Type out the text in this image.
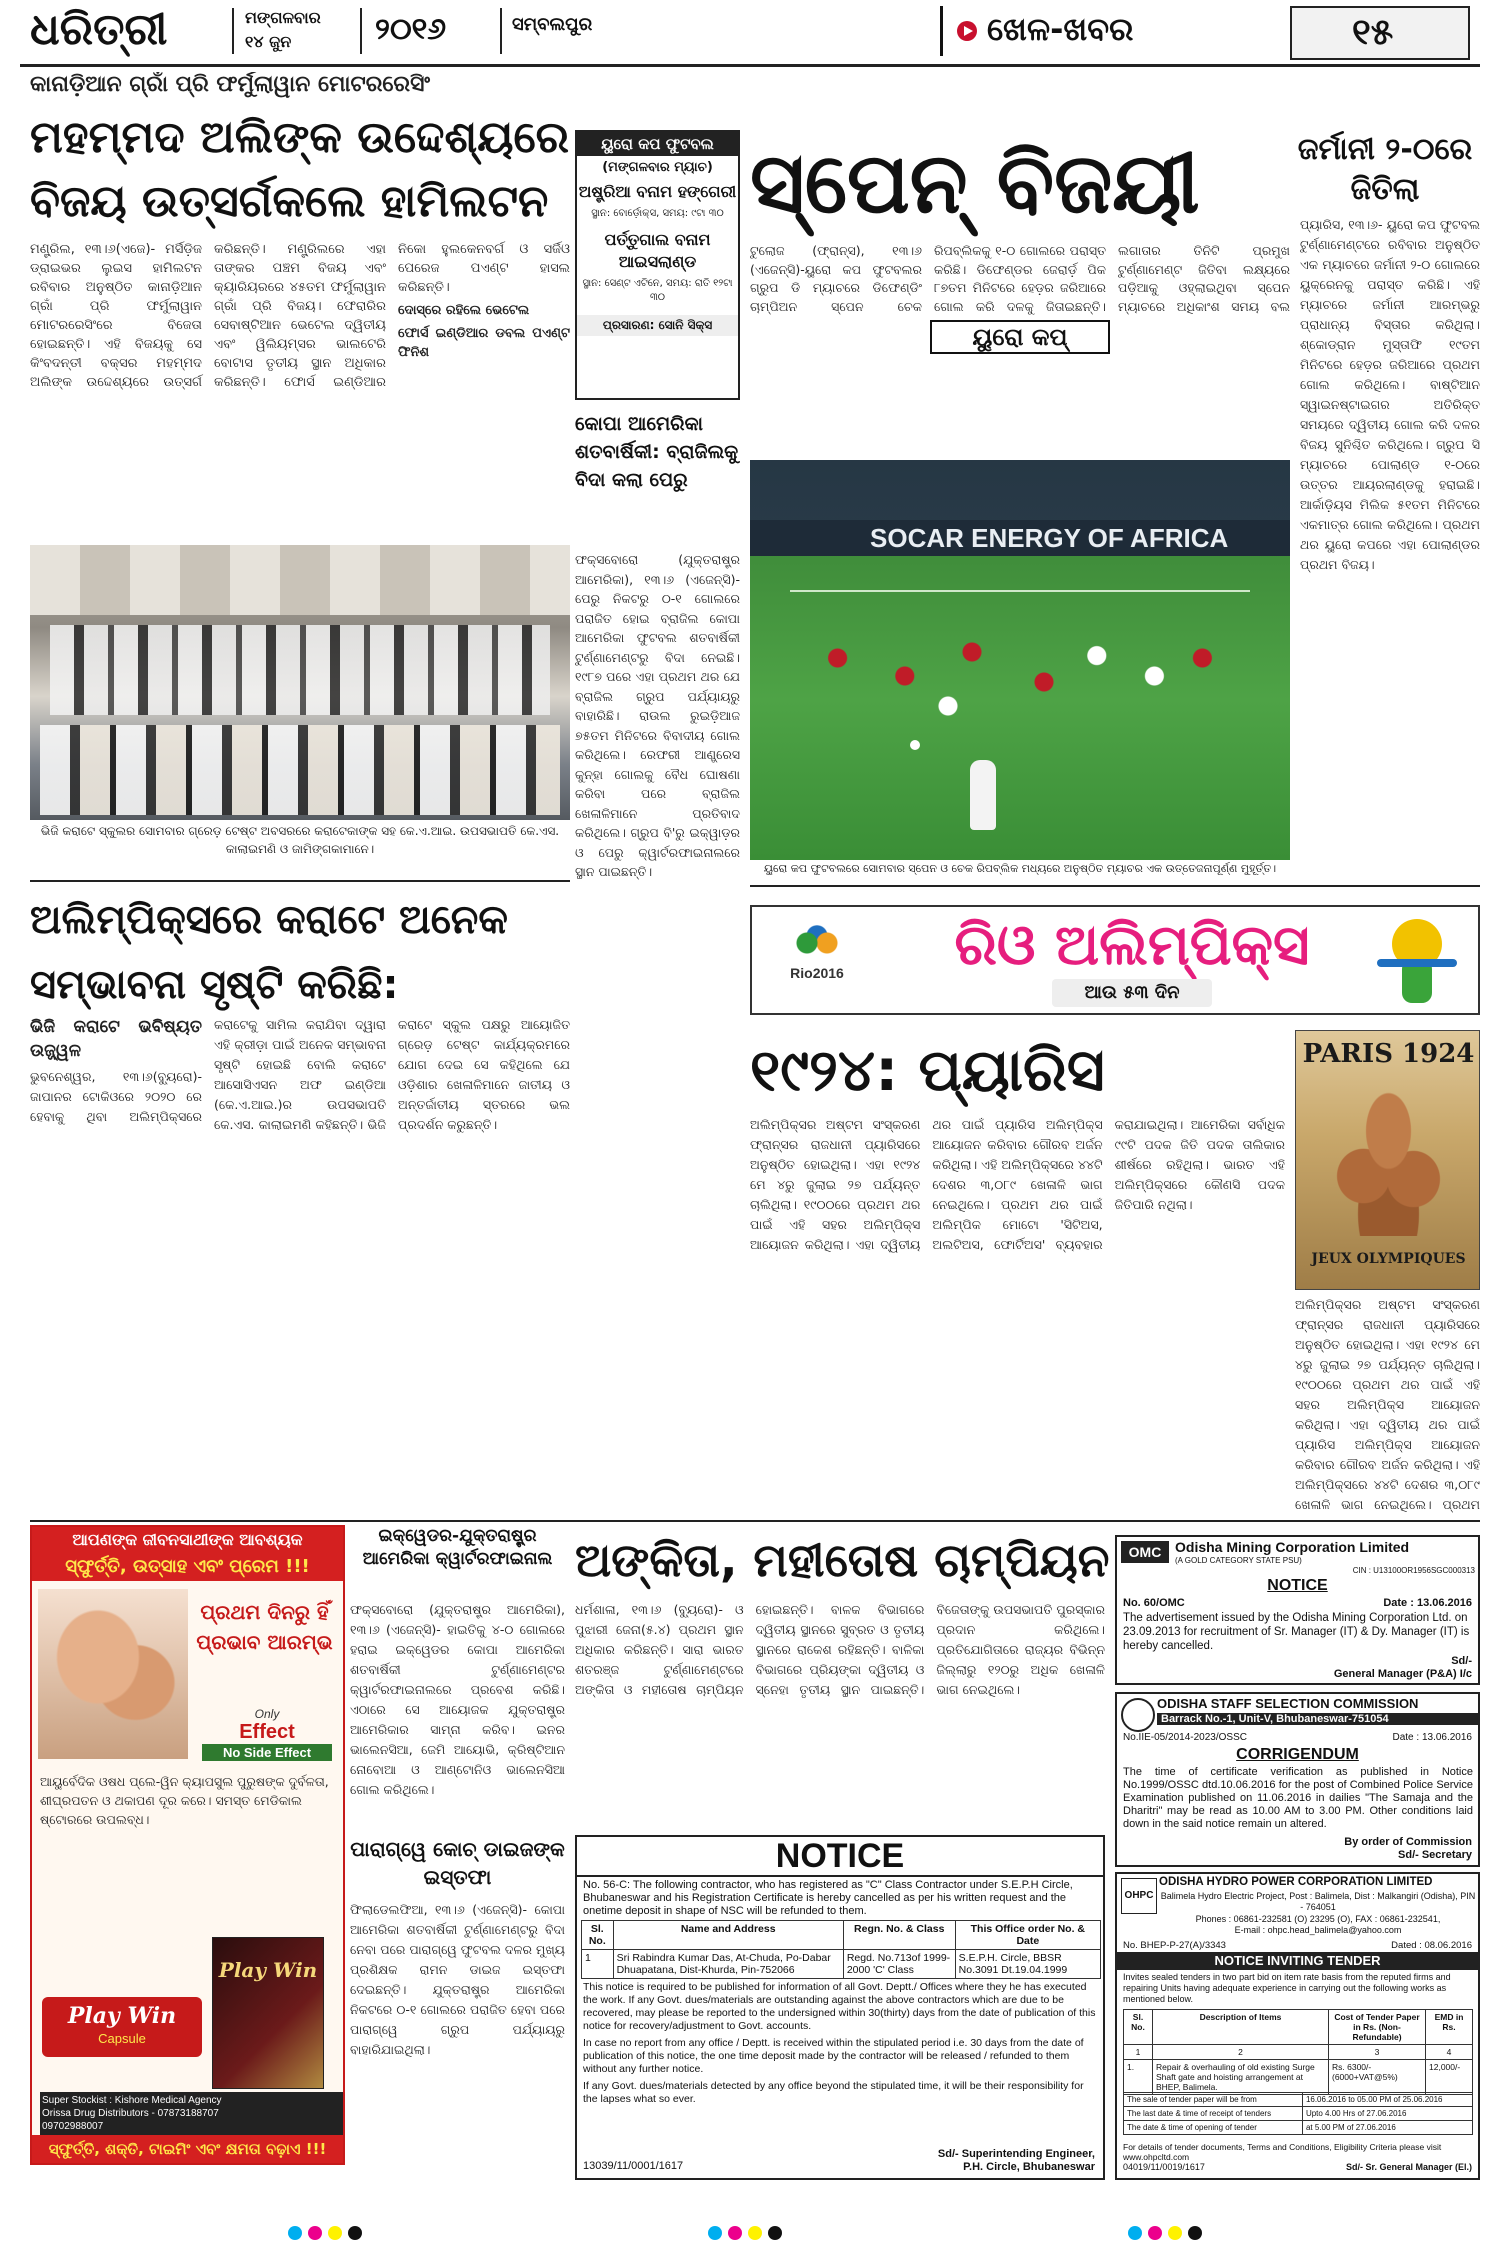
ଧରିତ୍ରୀ	ମଙ୍ଗଳବାର
୧୪ ଜୁନ	୨୦୧୬	ସମ୍ବଲପୁର	ଖେଳ-ଖବର	୧୫
କାନାଡ଼ିଆନ ଗ୍ରାଁ ପ୍ରି ଫର୍ମୁଲାୱାନ ମୋଟରରେସିଂ
ମହମ୍ମଦ ଅଲିଙ୍କ ଉଦ୍ଦେଶ୍ୟରେ
ବିଜୟ ଉତ୍ସର୍ଗକଲେ ହାମିଲଟନ
ମଣ୍ଟ୍ରିଲ, ୧୩।୬(ଏଜେ)- ମର୍ସିଡ଼ିଜ ଡ୍ରାଇଭର ଲୁଇସ ହାମିଲଟନ ରବିବାର ଅନୁଷ୍ଠିତ କାନାଡ଼ିଆନ ଗ୍ରାଁ ପ୍ରି ଫର୍ମୁଲାୱାନ ମୋଟରରେସିଂରେ ବିଜେତା ହୋଇଛନ୍ତି। ଏହି ବିଜୟକୁ ସେ କିଂବଦନ୍ତୀ ବକ୍ସର ମହମ୍ମଦ ଅଲିଙ୍କ ଉଦ୍ଦେଶ୍ୟରେ ଉତ୍ସର୍ଗ କରିଛନ୍ତି। ମଣ୍ଟ୍ରିଲରେ ଏହା ତାଙ୍କର ପଞ୍ଚମ ବିଜୟ ଏବଂ କ୍ୟାରିୟରରେ ୪୫ତମ ଫର୍ମୁଲାୱାନ ଗ୍ରାଁ ପ୍ରି ବିଜୟ। ଫେରାରିର ସେବାଷ୍ଟିଆନ ଭେଟେଲ ଦ୍ୱିତୀୟ ଏବଂ ୱିଲିୟମ୍ସର ଭାଲଟେରି ବୋଟାସ ତୃତୀୟ ସ୍ଥାନ ଅଧିକାର କରିଛନ୍ତି। ଫୋର୍ସ ଇଣ୍ଡିଆର ନିକୋ ହୁଲକେନବର୍ଗ ଓ ସର୍ଜିଓ ପେରେଜ ପଏଣ୍ଟ ହାସଲ କରିଛନ୍ତି।
ଦୋସ୍ରେ ରହିଲେ ଭେଟେଲ
ଫୋର୍ସ ଇଣ୍ଡିଆର ଡବଲ ପଏଣ୍ଟ ଫିନିଶ
ଭିଜି କରାଟେ ସ୍କୁଲର ସୋମବାର ଗ୍ରେଡ଼ ଟେଷ୍ଟ ଅବସରରେ କରାଟେକାଙ୍କ ସହ କେ.ଏ.ଆଇ. ଉପସଭାପତି କେ.ଏସ. କାଲାଇମଣି ଓ ଜାମିଙ୍ଗକାମାନେ।
ୟୁରୋ କପ ଫୁଟବଲ
(ମଙ୍ଗଳବାର ମ୍ୟାଚ)
ଅଷ୍ଟ୍ରିଆ ବନାମ ହଙ୍ଗେରୀ
ସ୍ଥାନ: ବୋର୍ଡ଼ୋକ୍ସ, ସମୟ: ୯ଟା ୩୦
ପର୍ତ୍ତୁଗାଲ ବନାମ ଆଇସଲାଣ୍ଡ
ସ୍ଥାନ: ସେଣ୍ଟ ଏଟିନେ, ସମୟ: ରାତି ୧୨ଟା ୩୦
ପ୍ରସାରଣ: ସୋନି ସିକ୍ସ
କୋପା ଆମେରିକା ଶତବାର୍ଷିକୀ: ବ୍ରାଜିଲକୁ ବିଦା କଲା ପେରୁ
ଫକ୍ସବୋରୋ (ଯୁକ୍ତରାଷ୍ଟ୍ର ଆମେରିକା), ୧୩।୬ (ଏଜେନ୍ସି)-ପେରୁ ନିକଟରୁ ୦-୧ ଗୋଲରେ ପରାଜିତ ହୋଇ ବ୍ରାଜିଲ କୋପା ଆମେରିକା ଫୁଟବଲ ଶତବାର୍ଷିକୀ ଟୁର୍ଣ୍ଣାମେଣ୍ଟରୁ ବିଦା ନେଇଛି। ୧୯୮୭ ପରେ ଏହା ପ୍ରଥମ ଥର ଯେ ବ୍ରାଜିଲ ଗ୍ରୁପ ପର୍ଯ୍ୟାୟରୁ ବାହାରିଛି। ରାଉଲ ରୁଇଡ଼ିଆଜ ୭୫ତମ ମିନିଟରେ ବିବାଦୀୟ ଗୋଲ କରିଥିଲେ। ରେଫରୀ ଆଣ୍ଡ୍ରେସ କୁନ୍ହା ଗୋଲକୁ ବୈଧ ଘୋଷଣା କରିବା ପରେ ବ୍ରାଜିଲ ଖେଳାଳିମାନେ ପ୍ରତିବାଦ କରିଥିଲେ। ଗ୍ରୁପ ବି'ରୁ ଇକ୍ୱାଡ଼ର ଓ ପେରୁ କ୍ୱାର୍ଟରଫାଇନାଲରେ ସ୍ଥାନ ପାଇଛନ୍ତି।
ସ୍ପେନ୍ ବିଜୟୀ
ଟୁଲୋଜ (ଫ୍ରାନ୍ସ), ୧୩।୬ (ଏଜେନ୍ସି)-ୟୁରୋ କପ ଫୁଟବଲର ଗ୍ରୁପ ଡି ମ୍ୟାଚରେ ଡିଫେଣ୍ଡିଂ ଚାମ୍ପିଅନ ସ୍ପେନ ଚେକ ରିପବ୍ଲିକକୁ ୧-୦ ଗୋଲରେ ପରାସ୍ତ କରିଛି। ଡିଫେଣ୍ଡର ଜେରାର୍ଡ଼ ପିକ ୮୭ତମ ମିନିଟରେ ହେଡ଼ର ଜରିଆରେ ଗୋଲ କରି ଦଳକୁ ଜିତାଇଛନ୍ତି। ଲଗାତାର ତିନିଟି ପ୍ରମୁଖ ଟୁର୍ଣ୍ଣାମେଣ୍ଟ ଜିତିବା ଲକ୍ଷ୍ୟରେ ପଡ଼ିଆକୁ ଓହ୍ଲାଇଥିବା ସ୍ପେନ ମ୍ୟାଚରେ ଅଧିକାଂଶ ସମୟ ବଲ
ୟୁରୋ କପ୍
SOCAR ENERGY OF AFRICA
ଜର୍ମାନୀ ୨-୦ରେ
ଜିତିଲା
ପ୍ୟାରିସ, ୧୩।୬- ୟୁରୋ କପ ଫୁଟବଲ ଟୁର୍ଣ୍ଣାମେଣ୍ଟରେ ରବିବାର ଅନୁଷ୍ଠିତ ଏକ ମ୍ୟାଚରେ ଜର୍ମାନୀ ୨-୦ ଗୋଲରେ ୟୁକ୍ରେନକୁ ପରାସ୍ତ କରିଛି। ଏହି ମ୍ୟାଚରେ ଜର୍ମାନୀ ଆରମ୍ଭରୁ ପ୍ରାଧାନ୍ୟ ବିସ୍ତାର କରିଥିଲା। ଶ୍କୋଡ୍ରାନ ମୁସ୍ତାଫି ୧୯ତମ ମିନିଟରେ ହେଡ଼ର ଜରିଆରେ ପ୍ରଥମ ଗୋଲ କରିଥିଲେ। ବାଷ୍ଟିଆନ ସ୍ୱାଇନଷ୍ଟାଇଗର ଅତିରିକ୍ତ ସମୟରେ ଦ୍ୱିତୀୟ ଗୋଲ କରି ଦଳର ବିଜୟ ସୁନିଶ୍ଚିତ କରିଥିଲେ। ଗ୍ରୁପ ସି ମ୍ୟାଚରେ ପୋଲାଣ୍ଡ ୧-୦ରେ ଉତ୍ତର ଆୟରଲାଣ୍ଡକୁ ହରାଇଛି। ଆର୍କାଡ଼ିୟସ ମିଲିକ ୫୧ତମ ମିନିଟରେ ଏକମାତ୍ର ଗୋଲ କରିଥିଲେ। ପ୍ରଥମ ଥର ୟୁରୋ କପରେ ଏହା ପୋଲାଣ୍ଡର ପ୍ରଥମ ବିଜୟ।
ୟୁରୋ କପ ଫୁଟବଲରେ ସୋମବାର ସ୍ପେନ ଓ ଚେକ ରିପବ୍ଲିକ ମଧ୍ୟରେ ଅନୁଷ୍ଠିତ ମ୍ୟାଚର ଏକ ଉତ୍ତେଜନାପୂର୍ଣ୍ଣ ମୁହୂର୍ତ୍ତ।
ଅଲିମ୍ପିକ୍ସରେ କରାଟେ ଅନେକ
ସମ୍ଭାବନା ସୃଷ୍ଟି କରିଛି:
ଭିଜି କରାଟେ ଭବିଷ୍ୟତ ଉଜ୍ଜ୍ୱଳ
ଭୁବନେଶ୍ୱର, ୧୩।୬(ବ୍ୟୁରୋ)- ଜାପାନର ଟୋକିଓରେ ୨୦୨୦ ରେ ହେବାକୁ ଥିବା ଅଲିମ୍ପିକ୍ସରେ କରାଟେକୁ ସାମିଲ କରାଯିବା ଦ୍ୱାରା ଏହି କ୍ରୀଡ଼ା ପାଇଁ ଅନେକ ସମ୍ଭାବନା ସୃଷ୍ଟି ହୋଇଛି ବୋଲି କରାଟେ ଆସୋସିଏସନ ଅଫ ଇଣ୍ଡିଆ (କେ.ଏ.ଆଇ.)ର ଉପସଭାପତି କେ.ଏସ. କାଲାଇମଣି କହିଛନ୍ତି। ଭିଜି କରାଟେ ସ୍କୁଲ ପକ୍ଷରୁ ଆୟୋଜିତ ଗ୍ରେଡ଼ ଟେଷ୍ଟ କାର୍ଯ୍ୟକ୍ରମରେ ଯୋଗ ଦେଇ ସେ କହିଥିଲେ ଯେ ଓଡ଼ିଶାର ଖେଳାଳିମାନେ ଜାତୀୟ ଓ ଅନ୍ତର୍ଜାତୀୟ ସ୍ତରରେ ଭଲ ପ୍ରଦର୍ଶନ କରୁଛନ୍ତି।
Rio2016	ରିଓ ଅଲିମ୍ପିକ୍ସ
ଆଉ ୫୩ ଦିନ
୧୯୨୪: ପ୍ୟାରିସ	PARIS 1924
JEUX OLYMPIQUES
ଅଲିମ୍ପିକ୍ସର ଅଷ୍ଟମ ସଂସ୍କରଣ ଫ୍ରାନ୍ସର ରାଜଧାନୀ ପ୍ୟାରିସରେ ଅନୁଷ୍ଠିତ ହୋଇଥିଲା। ଏହା ୧୯୨୪ ମେ ୪ରୁ ଜୁଲାଇ ୨୭ ପର୍ଯ୍ୟନ୍ତ ଚାଲିଥିଲା। ୧୯୦୦ରେ ପ୍ରଥମ ଥର ପାଇଁ ଏହି ସହର ଅଲିମ୍ପିକ୍ସ ଆୟୋଜନ କରିଥିଲା। ଏହା ଦ୍ୱିତୀୟ ଥର ପାଇଁ ପ୍ୟାରିସ ଅଲିମ୍ପିକ୍ସ ଆୟୋଜନ କରିବାର ଗୌରବ ଅର୍ଜନ କରିଥିଲା। ଏହି ଅଲିମ୍ପିକ୍ସରେ ୪୪ଟି ଦେଶର ୩,୦୮୯ ଖେଳାଳି ଭାଗ ନେଇଥିଲେ। ପ୍ରଥମ ଥର ପାଇଁ ଅଲିମ୍ପିକ ମୋଟୋ 'ସିଟିଅସ, ଅଲଟିଅସ, ଫୋର୍ଟିଅସ' ବ୍ୟବହାର କରାଯାଇଥିଲା। ଆମେରିକା ସର୍ବାଧିକ ୯୯ଟି ପଦକ ଜିତି ପଦକ ତାଲିକାର ଶୀର୍ଷରେ ରହିଥିଲା। ଭାରତ ଏହି ଅଲିମ୍ପିକ୍ସରେ କୌଣସି ପଦକ ଜିତିପାରି ନଥିଲା।
ଅଲିମ୍ପିକ୍ସର ଅଷ୍ଟମ ସଂସ୍କରଣ ଫ୍ରାନ୍ସର ରାଜଧାନୀ ପ୍ୟାରିସରେ ଅନୁଷ୍ଠିତ ହୋଇଥିଲା। ଏହା ୧୯୨୪ ମେ ୪ରୁ ଜୁଲାଇ ୨୭ ପର୍ଯ୍ୟନ୍ତ ଚାଲିଥିଲା। ୧୯୦୦ରେ ପ୍ରଥମ ଥର ପାଇଁ ଏହି ସହର ଅଲିମ୍ପିକ୍ସ ଆୟୋଜନ କରିଥିଲା। ଏହା ଦ୍ୱିତୀୟ ଥର ପାଇଁ ପ୍ୟାରିସ ଅଲିମ୍ପିକ୍ସ ଆୟୋଜନ କରିବାର ଗୌରବ ଅର୍ଜନ କରିଥିଲା। ଏହି ଅଲିମ୍ପିକ୍ସରେ ୪୪ଟି ଦେଶର ୩,୦୮୯ ଖେଳାଳି ଭାଗ ନେଇଥିଲେ। ପ୍ରଥମ
ଅଙ୍କିତା, ମହୀତୋଷ ଚାମ୍ପିୟନ
ଧର୍ମଶାଳା, ୧୩।୬ (ବ୍ୟୁରୋ)- ଓ ପୁଝାରୀ ଜେନା(୫.୪) ପ୍ରଥମ ସ୍ଥାନ ଅଧିକାର କରିଛନ୍ତି। ସାରା ଭାରତ ଶତରଞ୍ଜ ଟୁର୍ଣ୍ଣାମେଣ୍ଟରେ ଅଙ୍କିତା ଓ ମହୀତୋଷ ଚାମ୍ପିୟନ ହୋଇଛନ୍ତି। ବାଳକ ବିଭାଗରେ ଦ୍ୱିତୀୟ ସ୍ଥାନରେ ସୁବ୍ରତ ଓ ତୃତୀୟ ସ୍ଥାନରେ ରାକେଶ ରହିଛନ୍ତି। ବାଳିକା ବିଭାଗରେ ପ୍ରିୟଙ୍କା ଦ୍ୱିତୀୟ ଓ ସ୍ନେହା ତୃତୀୟ ସ୍ଥାନ ପାଇଛନ୍ତି। ବିଜେତାଙ୍କୁ ଉପସଭାପତି ପୁରସ୍କାର ପ୍ରଦାନ କରିଥିଲେ। ପ୍ରତିଯୋଗିତାରେ ରାଜ୍ୟର ବିଭିନ୍ନ ଜିଲ୍ଲାରୁ ୧୨୦ରୁ ଅଧିକ ଖେଳାଳି ଭାଗ ନେଇଥିଲେ।
ଇକ୍ୱେଡର-ଯୁକ୍ତରାଷ୍ଟ୍ର ଆମେରିକା କ୍ୱାର୍ଟରଫାଇନାଲ
ଫକ୍ସବୋରୋ (ଯୁକ୍ତରାଷ୍ଟ୍ର ଆମେରିକା), ୧୩।୬ (ଏଜେନ୍ସି)- ହାଇତିକୁ ୪-୦ ଗୋଲରେ ହରାଇ ଇକ୍ୱେଡର କୋପା ଆମେରିକା ଶତବାର୍ଷିକୀ ଟୁର୍ଣ୍ଣାମେଣ୍ଟର କ୍ୱାର୍ଟରଫାଇନାଲରେ ପ୍ରବେଶ କରିଛି। ଏଠାରେ ସେ ଆୟୋଜକ ଯୁକ୍ତରାଷ୍ଟ୍ର ଆମେରିକାର ସାମ୍ନା କରିବ। ଇନର ଭାଲେନସିଆ, ଜେମି ଆୟୋଭି, କ୍ରିଷ୍ଟିଆନ ନୋବୋଆ ଓ ଆଣ୍ଟୋନିଓ ଭାଲେନସିଆ ଗୋଲ କରିଥିଲେ।
ପାରାଗ୍ୱେ କୋଚ୍ ଡାଇଜଙ୍କ ଇସ୍ତଫା
ଫିଲାଡେଲଫିଆ, ୧୩।୬ (ଏଜେନ୍ସି)- କୋପା ଆମେରିକା ଶତବାର୍ଷିକୀ ଟୁର୍ଣ୍ଣାମେଣ୍ଟରୁ ବିଦା ନେବା ପରେ ପାରାଗ୍ୱେ ଫୁଟବଲ ଦଳର ମୁଖ୍ୟ ପ୍ରଶିକ୍ଷକ ରାମନ ଡାଇଜ ଇସ୍ତଫା ଦେଇଛନ୍ତି। ଯୁକ୍ତରାଷ୍ଟ୍ର ଆମେରିକା ନିକଟରେ ୦-୧ ଗୋଲରେ ପରାଜିତ ହେବା ପରେ ପାରାଗ୍ୱେ ଗ୍ରୁପ ପର୍ଯ୍ୟାୟରୁ ବାହାରିଯାଇଥିଲା।
ଆପଣଙ୍କ ଜୀବନସାଥୀଙ୍କ ଆବଶ୍ୟକ
ସ୍ଫୁର୍ତ୍ତି, ଉତ୍ସାହ ଏବଂ ପ୍ରେମ !!!
ପ୍ରଥମ ଦିନରୁ ହିଁ ପ୍ରଭାବ ଆରମ୍ଭ
Only
Effect
No Side Effect
ଆୟୁର୍ବେଦିକ ଓଷଧ ପ୍ଲେ-ୱିନ କ୍ୟାପସୁଲ ପୁରୁଷଙ୍କ ଦୁର୍ବଳତା, ଶୀଘ୍ରପତନ ଓ ଥକାପଣ ଦୂର କରେ। ସମସ୍ତ ମେଡିକାଲ ଷ୍ଟୋରରେ ଉପଲବ୍ଧ।
Play Win
Play Win
Capsule
Super Stockist : Kishore Medical Agency
Orissa Drug Distributors - 07873188707
09702988007
ସ୍ଫୁର୍ତ୍ତି, ଶକ୍ତି, ଟାଇମିଂ ଏବଂ କ୍ଷମତା ବଢ଼ାଏ !!!
NOTICE
No. 56-C: The following contractor, who has registered as "C" Class Contractor under S.E.P.H Circle, Bhubaneswar and his Registration Certificate is hereby cancelled as per his written request and the onetime deposit in shape of NSC will be refunded to them.
Sl. No.	Name and Address	Regn. No. & Class	This Office order No. & Date
1	Sri Rabindra Kumar Das, At-Chuda, Po-Dabar Dhuapatana, Dist-Khurda, Pin-752066	Regd. No.713of 1999-2000 'C' Class	S.E.P.H. Circle, BBSR No.3091 Dt.19.04.1999
This notice is required to be published for information of all Govt. Deptt./ Offices where they he has executed the work. If any Govt. dues/materials are outstanding against the above contractors which are due to be recovered, may please be reported to the undersigned within 30(thirty) days from the date of publication of this notice for recovery/adjustment to Govt. accounts.
In case no report from any office / Deptt. is received within the stipulated period i.e. 30 days from the date of publication of this notice, the one time deposit made by the contractor will be released / refunded to them without any further notice.
If any Govt. dues/materials detected by any office beyond the stipulated time, it will be their responsibility for the lapses what so ever.
13039/11/0001/1617
Sd/- Superintending Engineer,
P.H. Circle, Bhubaneswar
OMC Odisha Mining Corporation Limited
(A GOLD CATEGORY STATE PSU)
CIN : U13100OR1956SGC000313
NOTICE
No. 60/OMC	Date : 13.06.2016
The advertisement issued by the Odisha Mining Corporation Ltd. on 23.09.2013 for recruitment of Sr. Manager (IT) & Dy. Manager (IT) is hereby cancelled.
Sd/-
General Manager (P&A) I/c
ODISHA STAFF SELECTION COMMISSION
Barrack No.-1, Unit-V, Bhubaneswar-751054
No.IIE-05/2014-2023/OSSC	Date : 13.06.2016
CORRIGENDUM
The time of certificate verification as published in Notice No.1999/OSSC dtd.10.06.2016 for the post of Combined Police Service Examination published on 11.06.2016 in dailies "The Samaja and the Dharitri" may be read as 10.00 AM to 3.00 PM. Other conditions laid down in the said notice remain un altered.
By order of Commission
Sd/- Secretary
OHPC
ODISHA HYDRO POWER CORPORATION LIMITED
Balimela Hydro Electric Project, Post : Balimela, Dist : Malkangiri (Odisha), PIN - 764051
Phones : 06861-232581 (O) 23295 (O), FAX : 06861-232541,
E-mail : ohpc.head_balimela@yahoo.com
No. BHEP-P-27(A)/3343	Dated : 08.06.2016
NOTICE INVITING TENDER
Invites sealed tenders in two part bid on item rate basis from the reputed firms and repairing Units having adequate experience in carrying out the following works as mentioned below.
Sl. No.	Description of Items	Cost of Tender Paper in Rs. (Non-Refundable)	EMD in Rs.
1	2	3	4
1.	Repair & overhauling of old existing Surge Shaft gate and hoisting arrangement at BHEP, Balimela.	Rs. 6300/- (6000+VAT@5%)	12,000/-
The sale of tender paper will be from	16.06.2016 to 05.00 PM of 25.06.2016
The last date & time of receipt of tenders	Upto 4.00 Hrs of 27.06.2016
The date & time of opening of tender	at 5.00 PM of 27.06.2016
For details of tender documents, Terms and Conditions, Eligibility Criteria please visit www.ohpcltd.com
04019/11/0019/1617	Sd/- Sr. General Manager (El.)
